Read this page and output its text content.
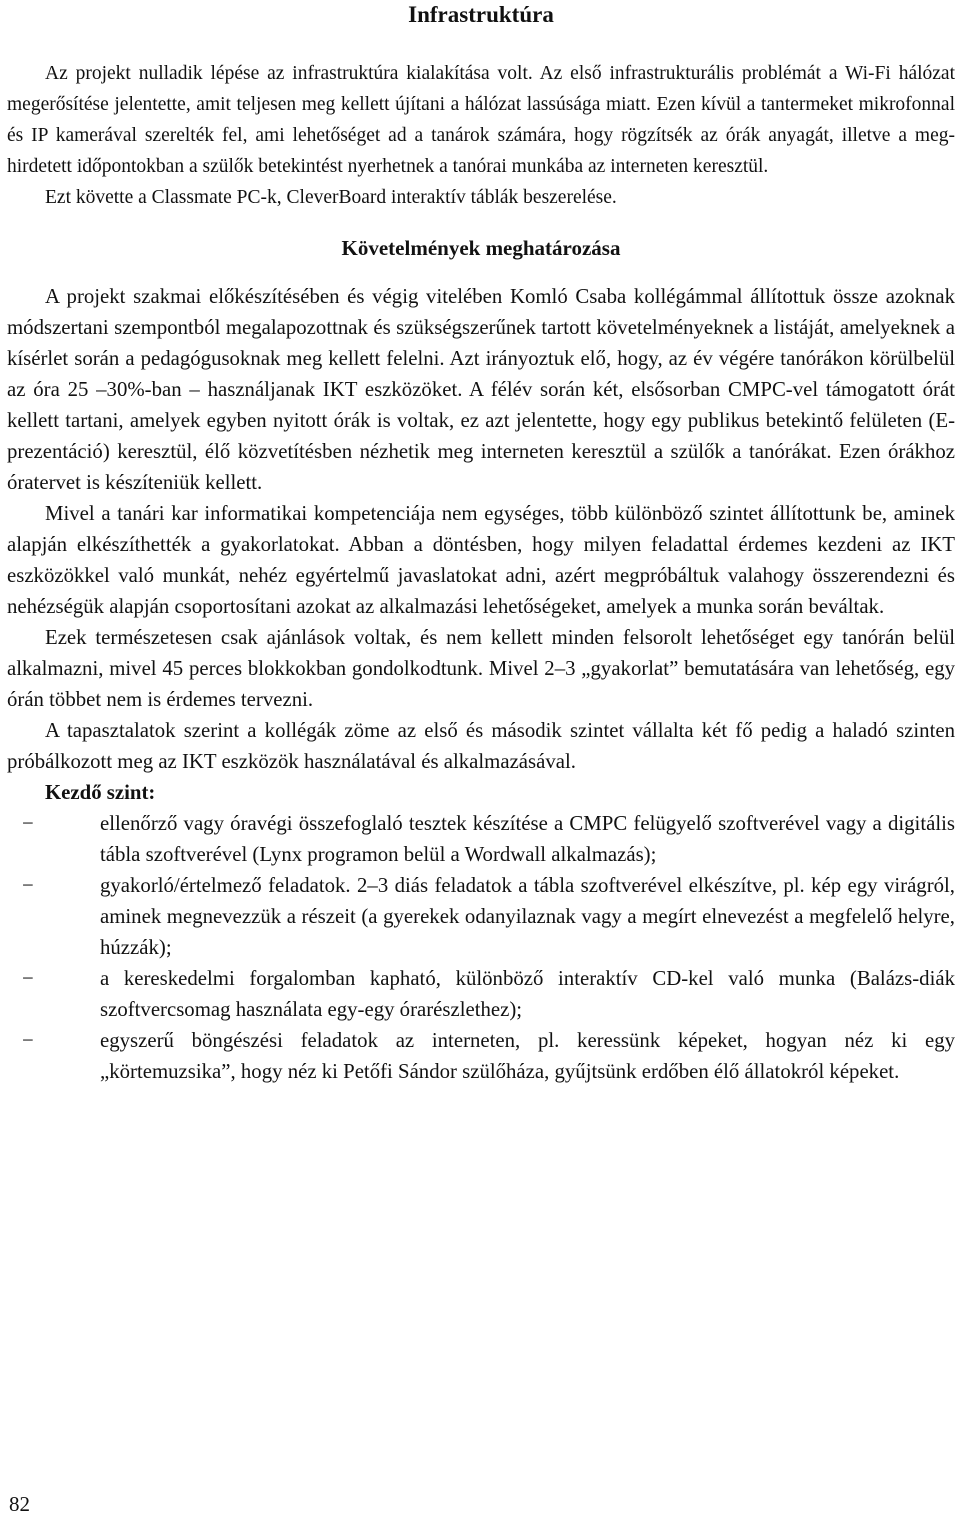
Infrastruktúra

Az projekt nulladik lépése az infrastruktúra kialakítása volt. Az első infrastrukturális problémát a Wi-Fi hálózat megerősítése jelentette, amit teljesen meg kellett újítani a hálózat lassúsága miatt. Ezen kívül a tantermeket mikrofonnal és IP kamerával szerelték fel, ami lehetőséget ad a tanárok számára, hogy rögzítsék az órák anyagát, illetve a meghirdetett időpontokban a szülők betekintést nyerhetnek a tanórai munkába az interneten keresztül.

Ezt követte a Classmate PC-k, CleverBoard interaktív táblák beszerelése.

Követelmények meghatározása

A projekt szakmai előkészítésében és végig vitelében Komló Csaba kollégámmal állítottuk össze azoknak módszertani szempontból megalapozottnak és szükségszerűnek tartott követelményeknek a listáját, amelyeknek a kísérlet során a pedagógusoknak meg kellett felelni. Azt irányoztuk elő, hogy, az év végére tanórákon körülbelül az óra 25 –30%-ban – használjanak IKT eszközöket. A félév során két, elsősorban CMPC-vel támogatott órát kellett tartani, amelyek egyben nyitott órák is voltak, ez azt jelentette, hogy egy publikus betekintő felületen (E-prezentáció) keresztül, élő közvetítésben nézhetik meg interneten keresztül a szülők a tanórákat. Ezen órákhoz óratervet is készíteniük kellett.

Mivel a tanári kar informatikai kompetenciája nem egységes, több különböző szintet állítottunk be, aminek alapján elkészíthették a gyakorlatokat. Abban a döntésben, hogy milyen feladattal érdemes kezdeni az IKT eszközökkel való munkát, nehéz egyértelmű javaslatokat adni, azért megpróbáltuk valahogy összerendezni és nehézségük alapján csoportosítani azokat az alkalmazási lehetőségeket, amelyek a munka során beváltak.

Ezek természetesen csak ajánlások voltak, és nem kellett minden felsorolt lehetőséget egy tanórán belül alkalmazni, mivel 45 perces blokkokban gondolkodtunk. Mivel 2–3 „gyakorlat” bemutatására van lehetőség, egy órán többet nem is érdemes tervezni.

A tapasztalatok szerint a kollégák zöme az első és második szintet vállalta két fő pedig a haladó szinten próbálkozott meg az IKT eszközök használatával és alkalmazásával.

Kezdő szint:
−	ellenőrző vagy óravégi összefoglaló tesztek készítése a CMPC felügyelő szoftverével vagy a digitális tábla szoftverével (Lynx programon belül a Wordwall alkalmazás);
−	gyakorló/értelmező feladatok. 2–3 diás feladatok a tábla szoftverével elkészítve, pl. kép egy virágról, aminek megnevezzük a részeit (a gyerekek odanyilaznak vagy a megírt elnevezést a megfelelő helyre, húzzák);
−	a kereskedelmi forgalomban kapható, különböző interaktív CD-kel való munka (Balázs-diák szoftvercsomag használata egy-egy órarészlethez);
−	egyszerű böngészési feladatok az interneten, pl. keressünk képeket, hogyan néz ki egy „körtemuzsika”, hogy néz ki Petőfi Sándor szülőháza, gyűjtsünk erdőben élő állatokról képeket.
82
